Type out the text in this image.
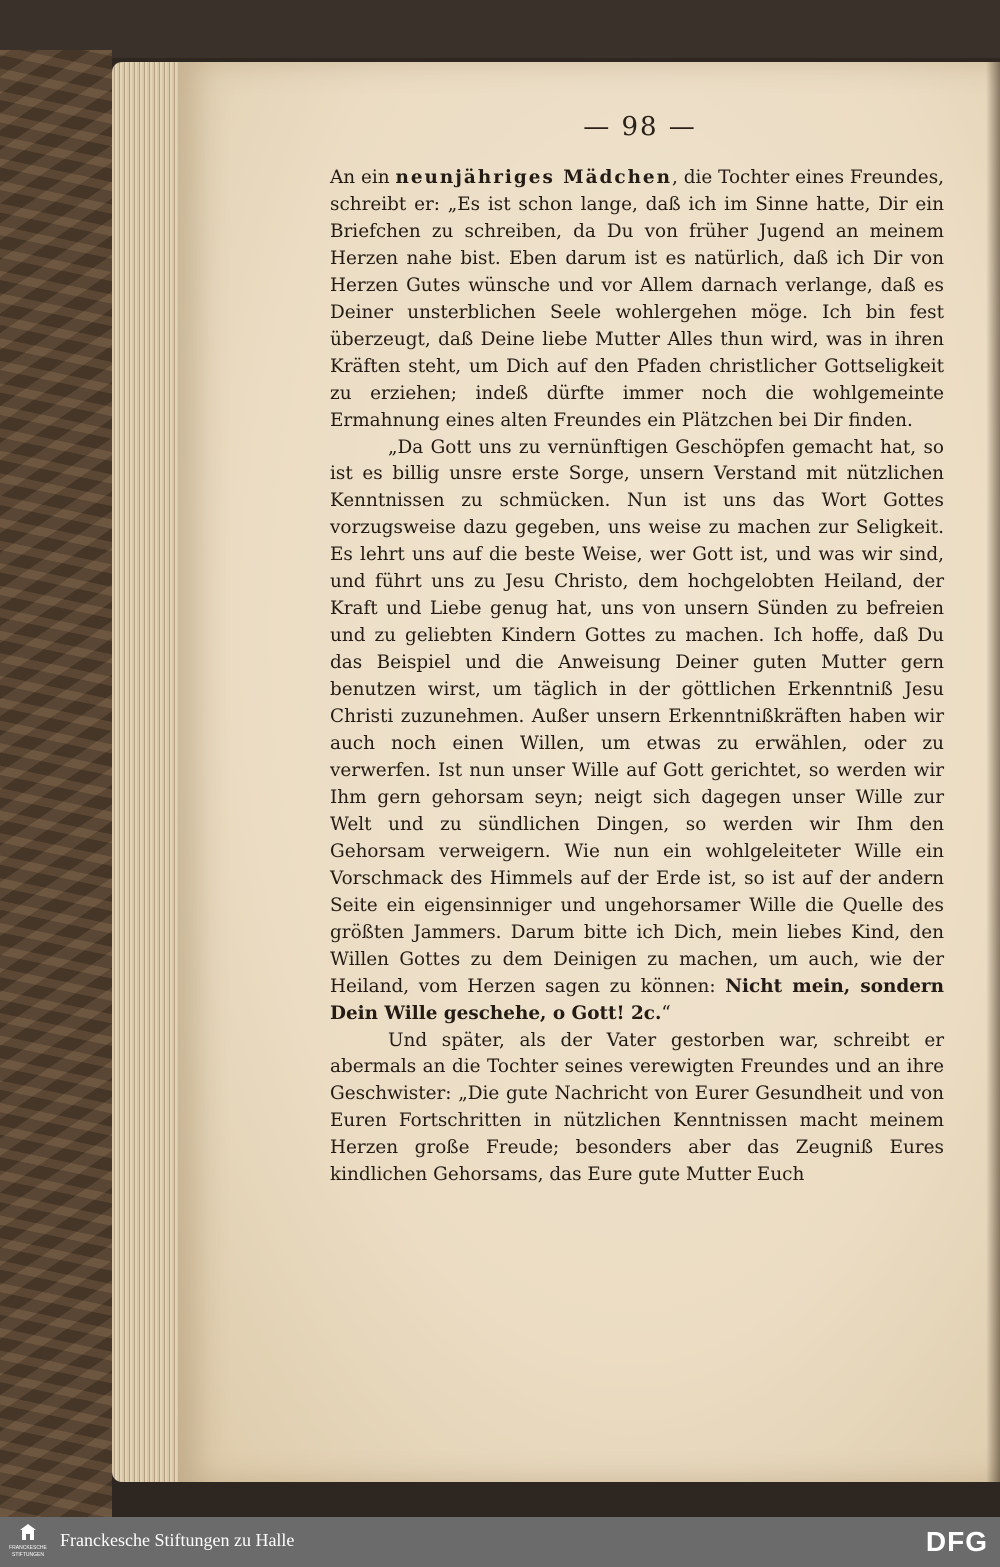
— 98 —

An ein neunjähriges Mädchen, die Tochter eines Freundes, schreibt er: „Es ist schon lange, daß ich im Sinne hatte, Dir ein Briefchen zu schreiben, da Du von früher Jugend an meinem Herzen nahe bist. Eben darum ist es natürlich, daß ich Dir von Herzen Gutes wünsche und vor Allem darnach verlange, daß es Deiner unsterblichen Seele wohlergehen möge. Ich bin fest überzeugt, daß Deine liebe Mutter Alles thun wird, was in ihren Kräften steht, um Dich auf den Pfaden christlicher Gottseligkeit zu erziehen; indeß dürfte immer noch die wohlgemeinte Ermahnung eines alten Freundes ein Plätzchen bei Dir finden.

„Da Gott uns zu vernünftigen Geschöpfen gemacht hat, so ist es billig unsre erste Sorge, unsern Verstand mit nützlichen Kenntnissen zu schmücken. Nun ist uns das Wort Gottes vorzugsweise dazu gegeben, uns weise zu machen zur Seligkeit. Es lehrt uns auf die beste Weise, wer Gott ist, und was wir sind, und führt uns zu Jesu Christo, dem hochgelobten Heiland, der Kraft und Liebe genug hat, uns von unsern Sünden zu befreien und zu geliebten Kindern Gottes zu machen. Ich hoffe, daß Du das Beispiel und die Anweisung Deiner guten Mutter gern benutzen wirst, um täglich in der göttlichen Erkenntniß Jesu Christi zuzunehmen. Außer unsern Erkenntnißkräften haben wir auch noch einen Willen, um etwas zu erwählen, oder zu verwerfen. Ist nun unser Wille auf Gott gerichtet, so werden wir Ihm gern gehorsam seyn; neigt sich dagegen unser Wille zur Welt und zu sündlichen Dingen, so werden wir Ihm den Gehorsam verweigern. Wie nun ein wohlgeleiteter Wille ein Vorschmack des Himmels auf der Erde ist, so ist auf der andern Seite ein eigensinniger und ungehorsamer Wille die Quelle des größten Jammers. Darum bitte ich Dich, mein liebes Kind, den Willen Gottes zu dem Deinigen zu machen, um auch, wie der Heiland, vom Herzen sagen zu können: Nicht mein, sondern Dein Wille geschehe, o Gott! 2c.“

Und später, als der Vater gestorben war, schreibt er abermals an die Tochter seines verewigten Freundes und an ihre Geschwister: „Die gute Nachricht von Eurer Gesundheit und von Euren Fortschritten in nützlichen Kenntnissen macht meinem Herzen große Freude; besonders aber das Zeugniß Eures kindlichen Gehorsams, das Eure gute Mutter Euch

FRANCKESCHE
STIFTUNGEN
Franckesche Stiftungen zu Halle	DFG
